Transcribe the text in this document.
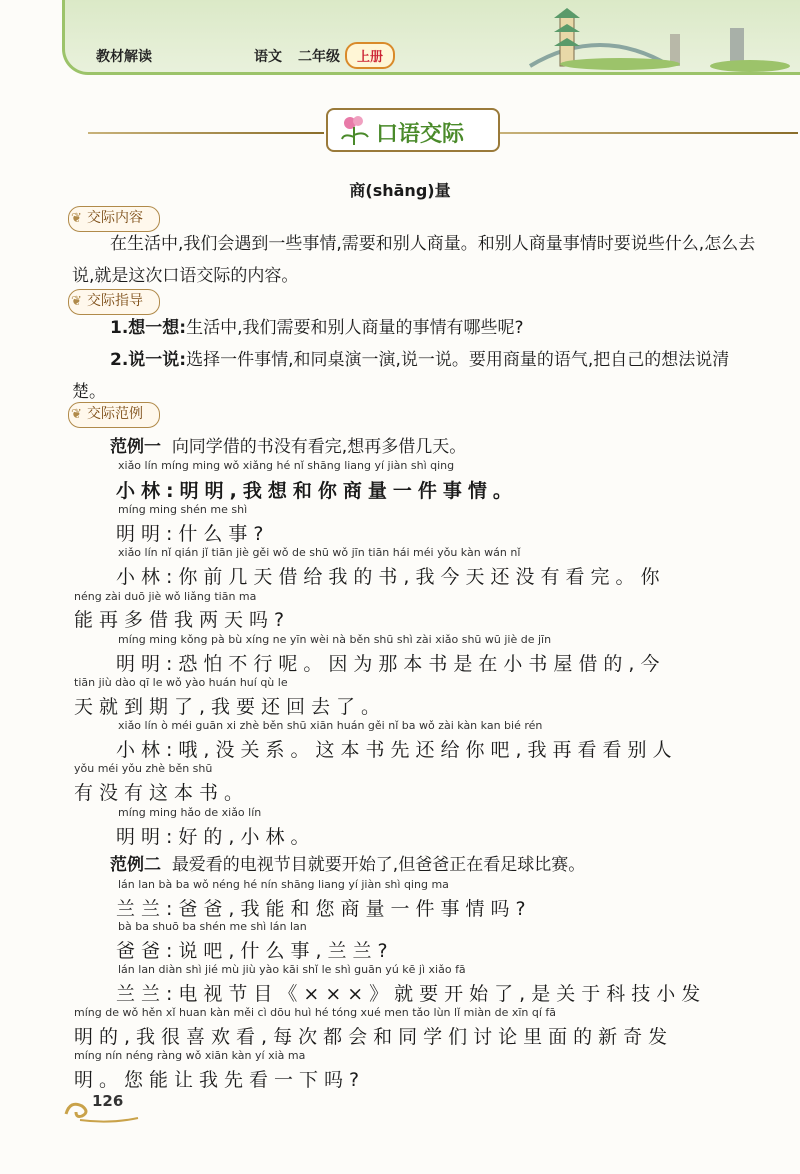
教材解读	语文 二年级	上册
口语交际
商(shāng)量
❦ 交际内容
在生活中,我们会遇到一些事情,需要和别人商量。和别人商量事情时要说些什么,怎么去说,就是这次口语交际的内容。
❦ 交际指导
1.想一想:生活中,我们需要和别人商量的事情有哪些呢?
2.说一说:选择一件事情,和同桌演一演,说一说。要用商量的语气,把自己的想法说清楚。
❦ 交际范例
范例一 向同学借的书没有看完,想再多借几天。
xiǎo lín míng ming wǒ xiǎng hé nǐ shāng liang yí jiàn shì qing
小林:明明,我想和你商量一件事情。
míng ming shén me shì
明明:什么事?
xiǎo lín nǐ qián jǐ tiān jiè gěi wǒ de shū wǒ jīn tiān hái méi yǒu kàn wán nǐ
小林:你前几天借给我的书,我今天还没有看完。你
néng zài duō jiè wǒ liǎng tiān ma
能再多借我两天吗?
míng ming kǒng pà bù xíng ne yīn wèi nà běn shū shì zài xiǎo shū wū jiè de jīn
明明:恐怕不行呢。因为那本书是在小书屋借的,今
tiān jiù dào qī le wǒ yào huán huí qù le
天就到期了,我要还回去了。
xiǎo lín ò méi guān xi zhè běn shū xiān huán gěi nǐ ba wǒ zài kàn kan bié rén
小林:哦,没关系。这本书先还给你吧,我再看看别人
yǒu méi yǒu zhè běn shū
有没有这本书。
míng ming hǎo de xiǎo lín
明明:好的,小林。
范例二 最爱看的电视节目就要开始了,但爸爸正在看足球比赛。
lán lan bà ba wǒ néng hé nín shāng liang yí jiàn shì qing ma
兰兰:爸爸,我能和您商量一件事情吗?
bà ba shuō ba shén me shì lán lan
爸爸:说吧,什么事,兰兰?
lán lan diàn shì jié mù jiù yào kāi shǐ le shì guān yú kē jì xiǎo fā
兰兰:电视节目《×××》就要开始了,是关于科技小发
míng de wǒ hěn xǐ huan kàn měi cì dōu huì hé tóng xué men tǎo lùn lǐ miàn de xīn qí fā
明的,我很喜欢看,每次都会和同学们讨论里面的新奇发
míng nín néng ràng wǒ xiān kàn yí xià ma
明。您能让我先看一下吗?
126
